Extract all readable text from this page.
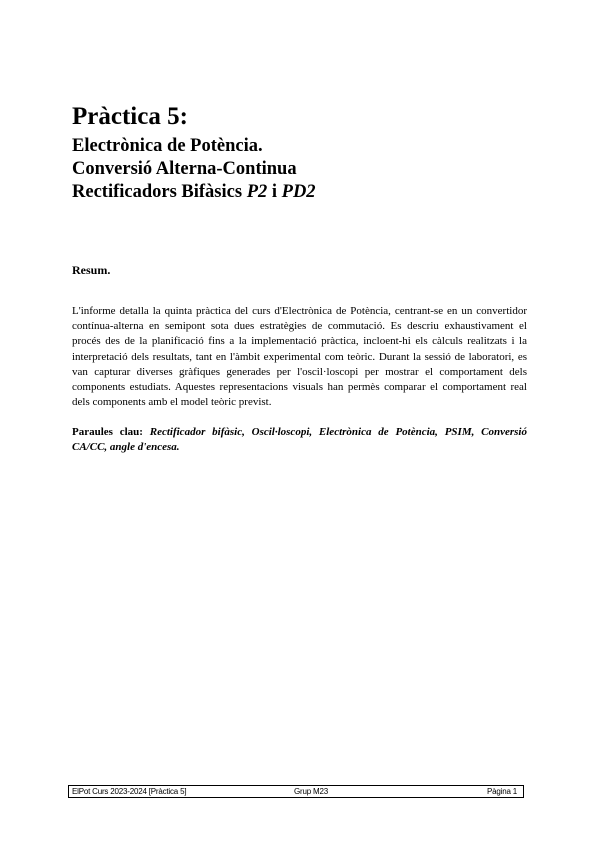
Pràctica 5:
Electrònica de Potència.
Conversió Alterna-Continua
Rectificadors Bifàsics P2 i PD2
Resum.

L'informe detalla la quinta pràctica del curs d'Electrònica de Potència, centrant-se en un convertidor contínua-alterna en semipont sota dues estratègies de commutació. Es descriu exhaustivament el procés des de la planificació fins a la implementació pràctica, incloent-hi els càlculs realitzats i la interpretació dels resultats, tant en l'àmbit experimental com teòric. Durant la sessió de laboratori, es van capturar diverses gràfiques generades per l'oscil·loscopi per mostrar el comportament dels components estudiats. Aquestes representacions visuals han permès comparar el comportament real dels components amb el model teòric previst.

Paraules clau: Rectificador bifàsic, Oscil·loscopi, Electrònica de Potència, PSIM, Conversió CA/CC, angle d'encesa.

ElPot Curs 2023-2024 [Pràctica 5]	Grup M23	Pàgina 1
